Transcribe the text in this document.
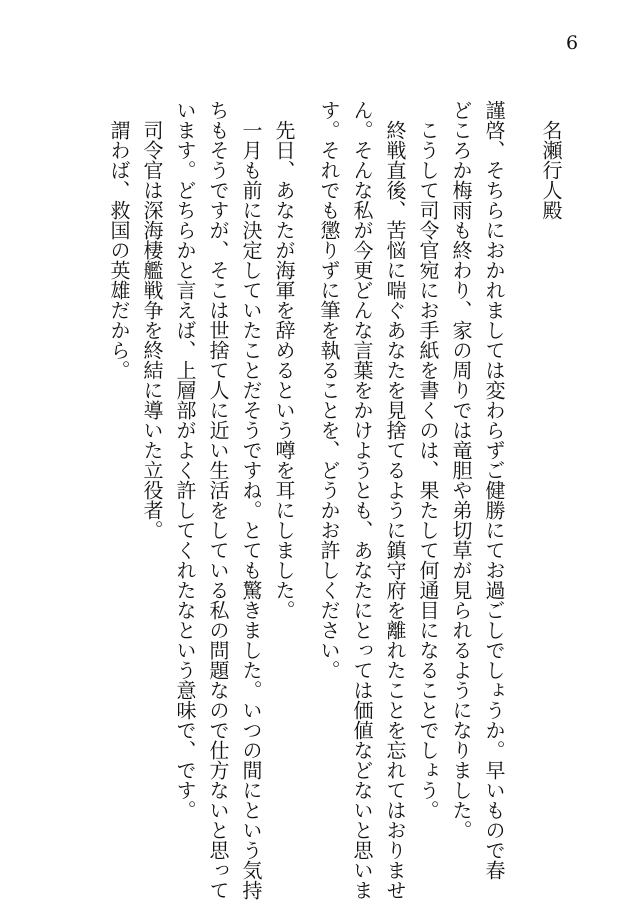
6
名瀬行人殿
謹啓、そちらにおかれましては変わらずご健勝にてお過ごしでしょうか。早いもので春
どころか梅雨も終わり、家の周りでは竜胆や弟切草が見られるようになりました。
　こうして司令官宛にお手紙を書くのは、果たして何通目になることでしょう。
　終戦直後、苦悩に喘ぐあなたを見捨てるように鎮守府を離れたことを忘れてはおりませ
ん。そんな私が今更どんな言葉をかけようとも、あなたにとっては価値などないと思いま
す。それでも懲りずに筆を執ることを、どうかお許しください。
　先日、あなたが海軍を辞めるという噂を耳にしました。
　一月も前に決定していたことだそうですね。とても驚きました。いつの間にという気持
ちもそうですが、そこは世捨て人に近い生活をしている私の問題なので仕方ないと思って
います。どちらかと言えば、上層部がよく許してくれたなという意味で、です。
　司令官は深海棲艦戦争を終結に導いた立役者。
　謂わば、救国の英雄だから。
